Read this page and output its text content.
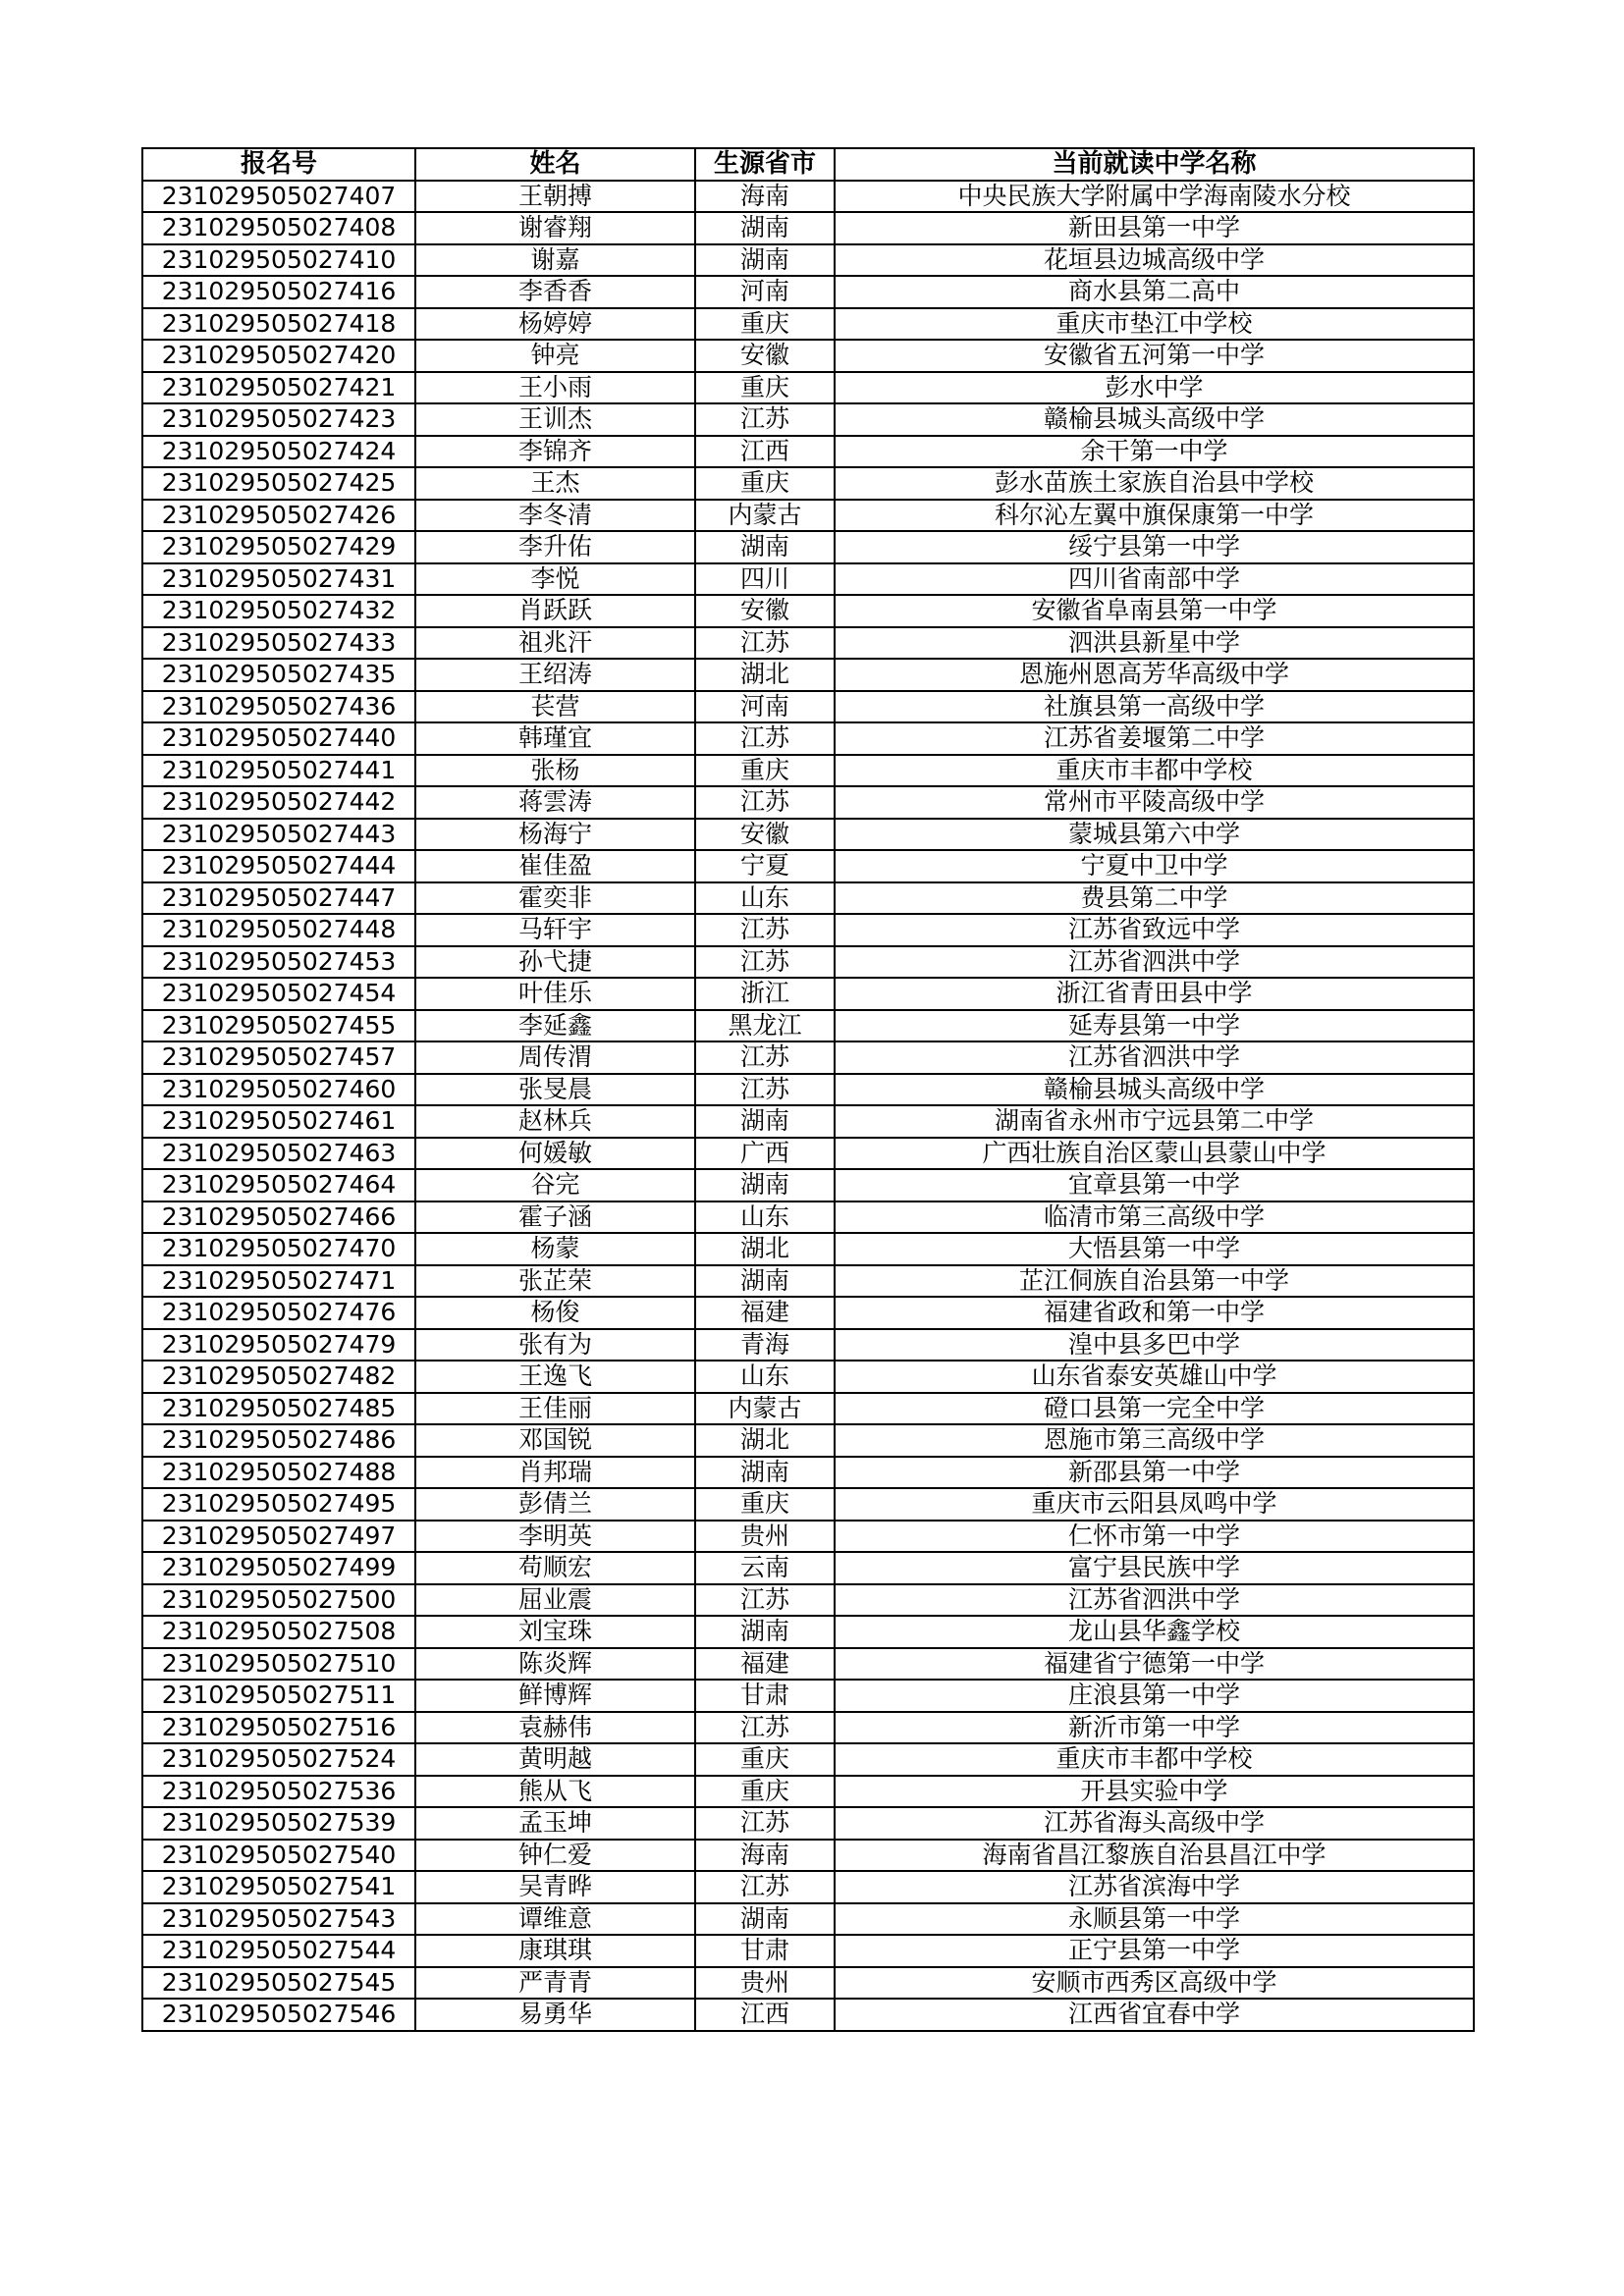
报名号	姓名	生源省市	当前就读中学名称
231029505027407	王朝搏	海南	中央民族大学附属中学海南陵水分校
231029505027408	谢睿翔	湖南	新田县第一中学
231029505027410	谢嘉	湖南	花垣县边城高级中学
231029505027416	李香香	河南	商水县第二高中
231029505027418	杨婷婷	重庆	重庆市垫江中学校
231029505027420	钟亮	安徽	安徽省五河第一中学
231029505027421	王小雨	重庆	彭水中学
231029505027423	王训杰	江苏	赣榆县城头高级中学
231029505027424	李锦齐	江西	余干第一中学
231029505027425	王杰	重庆	彭水苗族土家族自治县中学校
231029505027426	李冬清	内蒙古	科尔沁左翼中旗保康第一中学
231029505027429	李升佑	湖南	绥宁县第一中学
231029505027431	李悦	四川	四川省南部中学
231029505027432	肖跃跃	安徽	安徽省阜南县第一中学
231029505027433	祖兆汗	江苏	泗洪县新星中学
231029505027435	王绍涛	湖北	恩施州恩高芳华高级中学
231029505027436	苌营	河南	社旗县第一高级中学
231029505027440	韩瑾宜	江苏	江苏省姜堰第二中学
231029505027441	张杨	重庆	重庆市丰都中学校
231029505027442	蒋雲涛	江苏	常州市平陵高级中学
231029505027443	杨海宁	安徽	蒙城县第六中学
231029505027444	崔佳盈	宁夏	宁夏中卫中学
231029505027447	霍奕非	山东	费县第二中学
231029505027448	马轩宇	江苏	江苏省致远中学
231029505027453	孙弋捷	江苏	江苏省泗洪中学
231029505027454	叶佳乐	浙江	浙江省青田县中学
231029505027455	李延鑫	黑龙江	延寿县第一中学
231029505027457	周传渭	江苏	江苏省泗洪中学
231029505027460	张旻晨	江苏	赣榆县城头高级中学
231029505027461	赵林兵	湖南	湖南省永州市宁远县第二中学
231029505027463	何媛敏	广西	广西壮族自治区蒙山县蒙山中学
231029505027464	谷完	湖南	宜章县第一中学
231029505027466	霍子涵	山东	临清市第三高级中学
231029505027470	杨蒙	湖北	大悟县第一中学
231029505027471	张芷荣	湖南	芷江侗族自治县第一中学
231029505027476	杨俊	福建	福建省政和第一中学
231029505027479	张有为	青海	湟中县多巴中学
231029505027482	王逸飞	山东	山东省泰安英雄山中学
231029505027485	王佳丽	内蒙古	磴口县第一完全中学
231029505027486	邓国锐	湖北	恩施市第三高级中学
231029505027488	肖邦瑞	湖南	新邵县第一中学
231029505027495	彭倩兰	重庆	重庆市云阳县凤鸣中学
231029505027497	李明英	贵州	仁怀市第一中学
231029505027499	苟顺宏	云南	富宁县民族中学
231029505027500	屈业震	江苏	江苏省泗洪中学
231029505027508	刘宝珠	湖南	龙山县华鑫学校
231029505027510	陈炎辉	福建	福建省宁德第一中学
231029505027511	鲜博辉	甘肃	庄浪县第一中学
231029505027516	袁赫伟	江苏	新沂市第一中学
231029505027524	黄明越	重庆	重庆市丰都中学校
231029505027536	熊从飞	重庆	开县实验中学
231029505027539	孟玉坤	江苏	江苏省海头高级中学
231029505027540	钟仁爱	海南	海南省昌江黎族自治县昌江中学
231029505027541	吴青晔	江苏	江苏省滨海中学
231029505027543	谭维意	湖南	永顺县第一中学
231029505027544	康琪琪	甘肃	正宁县第一中学
231029505027545	严青青	贵州	安顺市西秀区高级中学
231029505027546	易勇华	江西	江西省宜春中学
